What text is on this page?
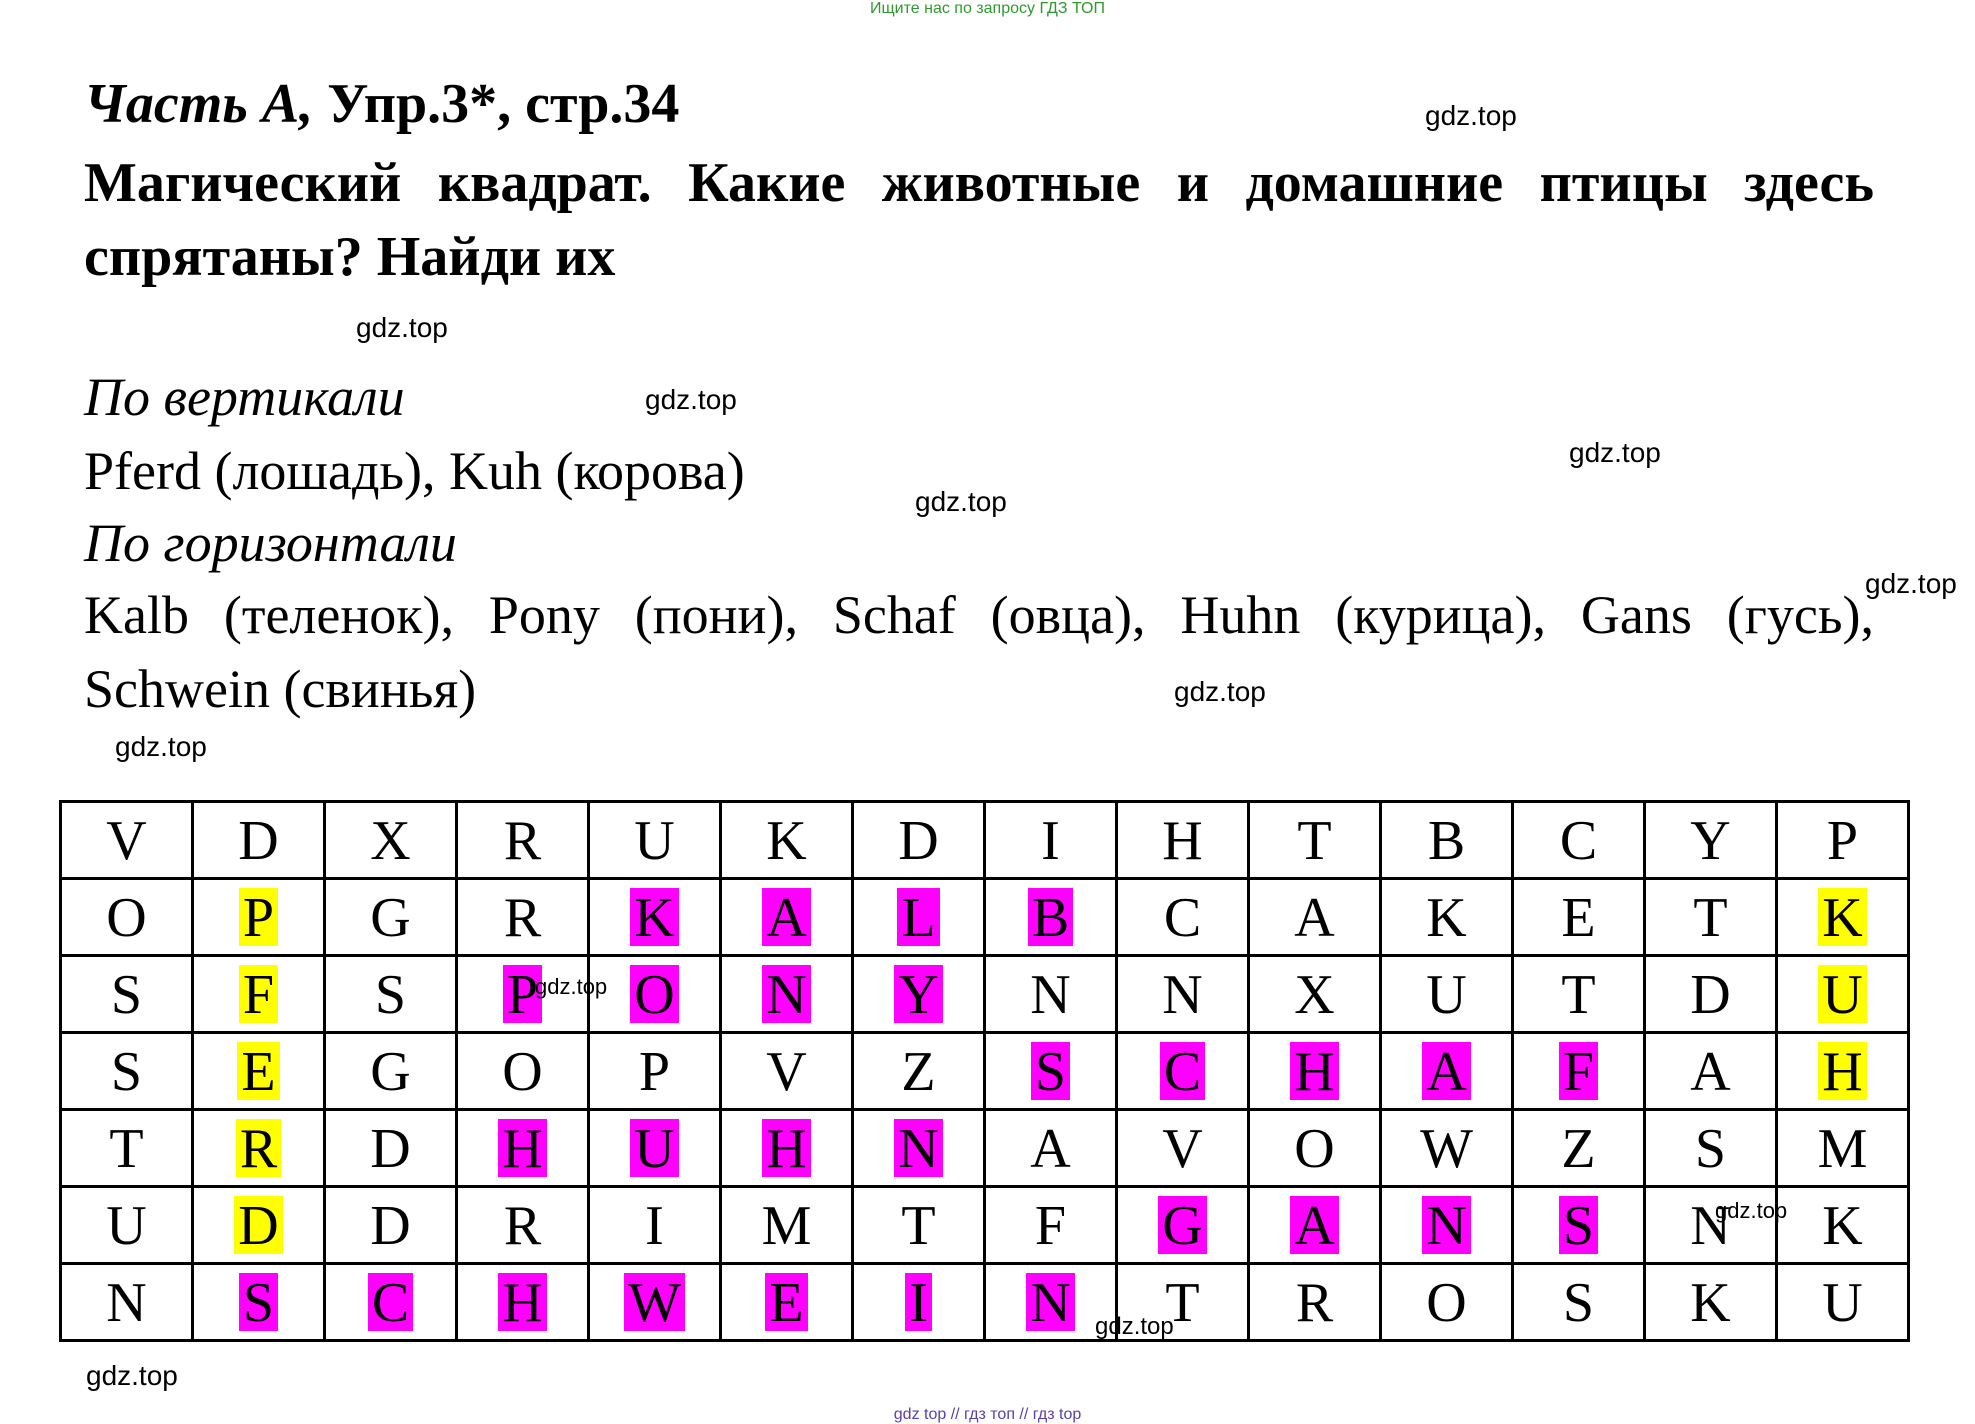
Ищите нас по запросу ГДЗ ТОП
Часть А, Упр.3*, стр.34
Магический квадрат. Какие животные и домашние птицы здесь спрятаны? Найди их
По вертикали
Pferd (лошадь), Kuh (корова)
По горизонтали
Kalb (теленок), Pony (пони), Schaf (овца), Huhn (курица), Gans (гусь), Schwein (свинья)
V	D	X	R	U	K	D	I	H	T	B	C	Y	P
O	P	G	R	K	A	L	B	C	A	K	E	T	K
S	F	S	P	O	N	Y	N	N	X	U	T	D	U
S	E	G	O	P	V	Z	S	C	H	A	F	A	H
T	R	D	H	U	H	N	A	V	O	W	Z	S	M
U	D	D	R	I	M	T	F	G	A	N	S	N	K
N	S	C	H	W	E	I	N	T	R	O	S	K	U
gdz.top
gdz.top
gdz.top
gdz.top
gdz.top
gdz.top
gdz.top
gdz.top
gdz.top
gdz.top
gdz.top
gdz.top
gdz top // гдз топ // гдз top
